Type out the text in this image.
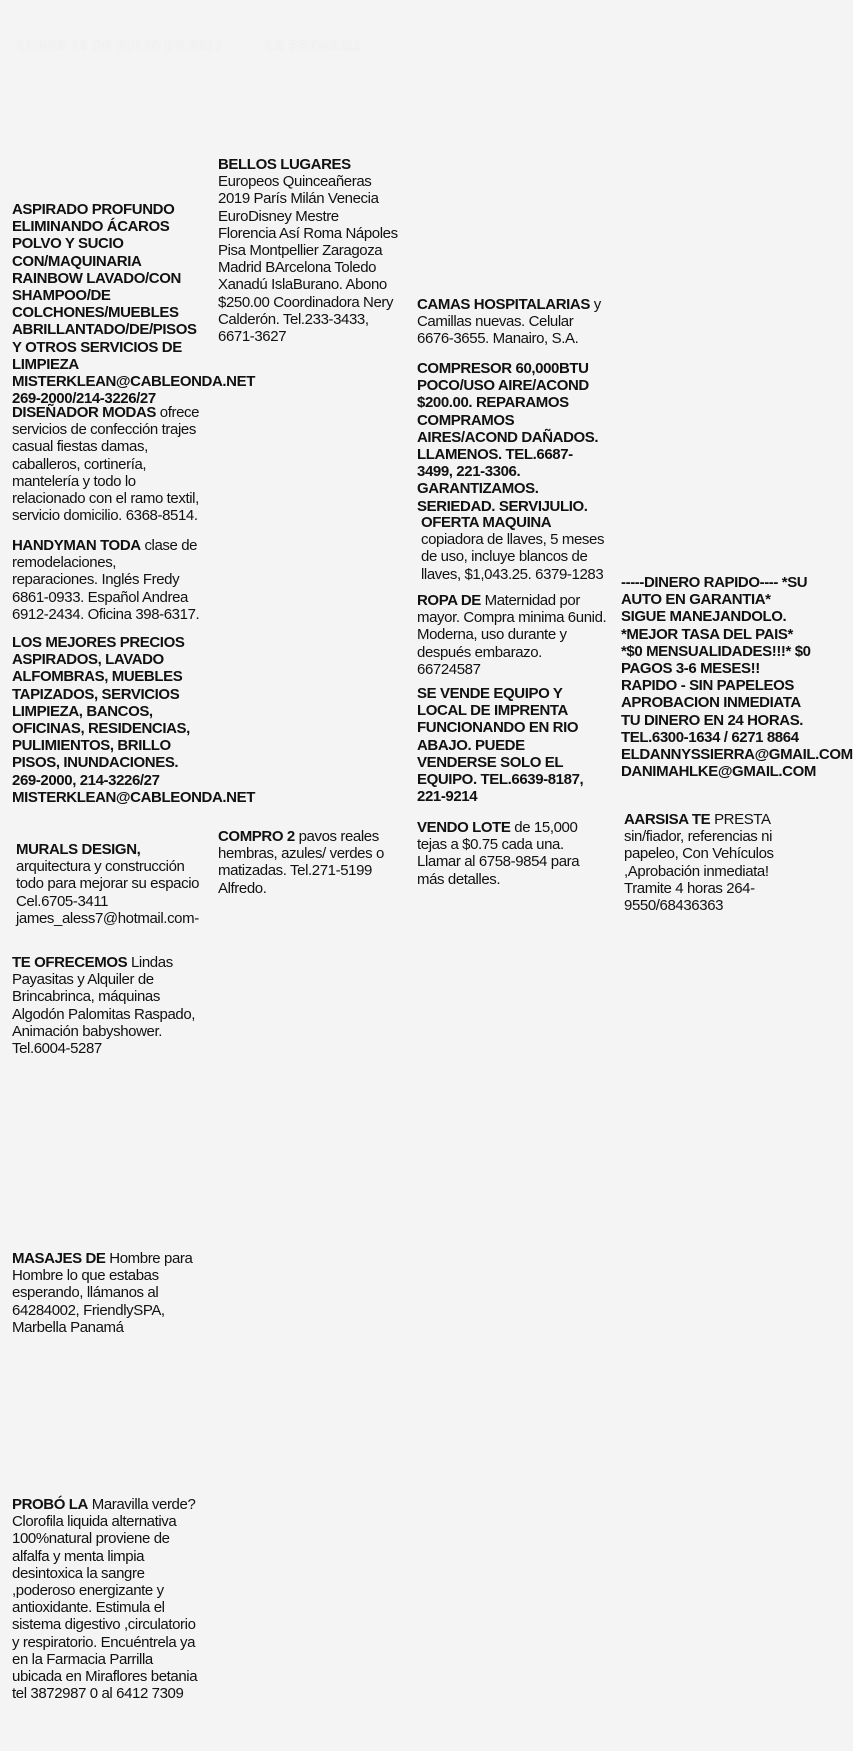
LUNES 10 DE JULIO DE 2017	LA PRENSA
11
ASPIRADO PROFUNDO ELIMINANDO ÁCAROS POLVO Y SUCIO CON/MAQUINARIA RAINBOW LAVADO/CON SHAMPOO/DE COLCHONES/MUEBLES ABRILLANTADO/DE/PISOS Y OTROS SERVICIOS DE LIMPIEZA MISTERKLEAN@CABLEONDA.NET 269-2000/214-3226/27
DISEÑADOR MODAS ofrece servicios de confección trajes casual fiestas damas, caballeros, cortinería, mantelería y todo lo relacionado con el ramo textil, servicio domicilio. 6368-8514.
HANDYMAN TODA clase de remodelaciones, reparaciones. Inglés Fredy 6861-0933. Español Andrea 6912-2434. Oficina 398-6317.
LOS MEJORES PRECIOS ASPIRADOS, LAVADO ALFOMBRAS, MUEBLES TAPIZADOS, SERVICIOS LIMPIEZA, BANCOS, OFICINAS, RESIDENCIAS, PULIMIENTOS, BRILLO PISOS, INUNDACIONES. 269-2000, 214-3226/27 MISTERKLEAN@CABLEONDA.NET
MURALS DESIGN, arquitectura y construcción todo para mejorar su espacio Cel.6705-3411 james_aless7@hotmail.com-
TE OFRECEMOS Lindas Payasitas y Alquiler de Brincabrinca, máquinas Algodón Palomitas Raspado, Animación babyshower. Tel.6004-5287
MASAJES DE Hombre para Hombre lo que estabas esperando, llámanos al 64284002, FriendlySPA, Marbella Panamá
PROBÓ LA Maravilla verde? Clorofila liquida alternativa 100%natural proviene de alfalfa y menta limpia desintoxica la sangre ,poderoso energizante y antioxidante. Estimula el sistema digestivo ,circulatorio y respiratorio. Encuéntrela ya en la Farmacia Parrilla ubicada en Miraflores betania tel 3872987 0 al 6412 7309
BELLOS LUGARES Europeos Quinceañeras 2019 París Milán Venecia EuroDisney Mestre Florencia Así Roma Nápoles Pisa Montpellier Zaragoza Madrid BArcelona Toledo Xanadú IslaBurano. Abono $250.00 Coordinadora Nery Calderón. Tel.233-3433, 6671-3627
COMPRO 2 pavos reales hembras, azules/ verdes o matizadas. Tel.271-5199 Alfredo.
CAMAS HOSPITALARIAS y Camillas nuevas. Celular 6676-3655. Manairo, S.A.
COMPRESOR 60,000BTU POCO/USO AIRE/ACOND $200.00. REPARAMOS COMPRAMOS AIRES/ACOND DAÑADOS. LLAMENOS. TEL.6687-3499, 221-3306. GARANTIZAMOS. SERIEDAD. SERVIJULIO.
OFERTA MAQUINA copiadora de llaves, 5 meses de uso, incluye blancos de llaves, $1,043.25. 6379-1283
ROPA DE Maternidad por mayor. Compra minima 6unid. Moderna, uso durante y después embarazo. 66724587
SE VENDE EQUIPO Y LOCAL DE IMPRENTA FUNCIONANDO EN RIO ABAJO. PUEDE VENDERSE SOLO EL EQUIPO. TEL.6639-8187, 221-9214
VENDO LOTE de 15,000 tejas a $0.75 cada una. Llamar al 6758-9854 para más detalles.
-----DINERO RAPIDO---- *SU AUTO EN GARANTIA* SIGUE MANEJANDOLO. *MEJOR TASA DEL PAIS* *$0 MENSUALIDADES!!!* $0 PAGOS 3-6 MESES!! RAPIDO - SIN PAPELEOS APROBACION INMEDIATA TU DINERO EN 24 HORAS. TEL.6300-1634 / 6271 8864 ELDANNYSSIERRA@GMAIL.COM DANIMAHLKE@GMAIL.COM
AARSISA TE PRESTA sin/fiador, referencias ni papeleo, Con Vehículos ,Aprobación inmediata! Tramite 4 horas 264-9550/68436363
